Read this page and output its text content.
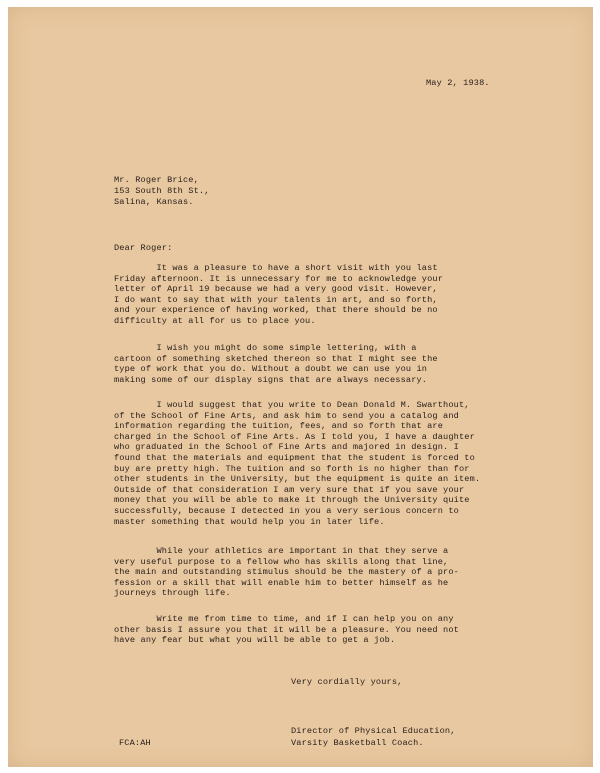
May 2, 1938.
Mr. Roger Brice,
153 South 8th St.,
Salina, Kansas.
Dear Roger:
It was a pleasure to have a short visit with you last
Friday afternoon. It is unnecessary for me to acknowledge your
letter of April 19 because we had a very good visit. However,
I do want to say that with your talents in art, and so forth,
and your experience of having worked, that there should be no
difficulty at all for us to place you.
I wish you might do some simple lettering, with a
cartoon of something sketched thereon so that I might see the
type of work that you do. Without a doubt we can use you in
making some of our display signs that are always necessary.
I would suggest that you write to Dean Donald M. Swarthout,
of the School of Fine Arts, and ask him to send you a catalog and
information regarding the tuition, fees, and so forth that are
charged in the School of Fine Arts. As I told you, I have a daughter
who graduated in the School of Fine Arts and majored in design. I
found that the materials and equipment that the student is forced to
buy are pretty high. The tuition and so forth is no higher than for
other students in the University, but the equipment is quite an item.
Outside of that consideration I am very sure that if you save your
money that you will be able to make it through the University quite
successfully, because I detected in you a very serious concern to
master something that would help you in later life.
While your athletics are important in that they serve a
very useful purpose to a fellow who has skills along that line,
the main and outstanding stimulus should be the mastery of a pro-
fession or a skill that will enable him to better himself as he
journeys through life.
Write me from time to time, and if I can help you on any
other basis I assure you that it will be a pleasure. You need not
have any fear but what you will be able to get a job.
Very cordially yours,
Director of Physical Education,
Varsity Basketball Coach.
FCA:AH
